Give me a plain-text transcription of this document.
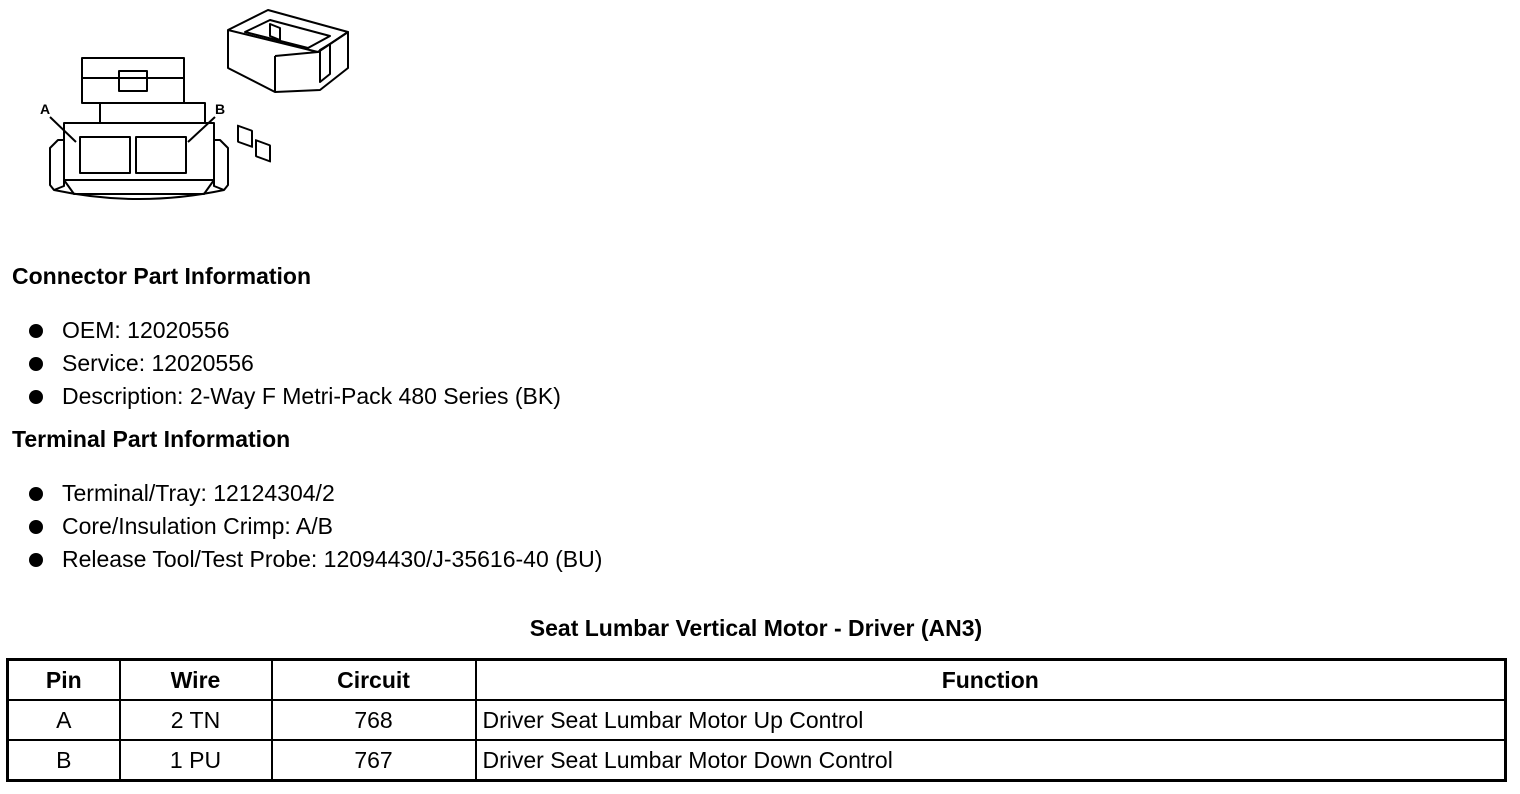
A	B
Connector Part Information
OEM: 12020556
Service: 12020556
Description: 2-Way F Metri-Pack 480 Series (BK)
Terminal Part Information
Terminal/Tray: 12124304/2
Core/Insulation Crimp: A/B
Release Tool/Test Probe: 12094430/J-35616-40 (BU)
Seat Lumbar Vertical Motor - Driver (AN3)
Pin	Wire	Circuit	Function
A	2 TN	768	Driver Seat Lumbar Motor Up Control
B	1 PU	767	Driver Seat Lumbar Motor Down Control
